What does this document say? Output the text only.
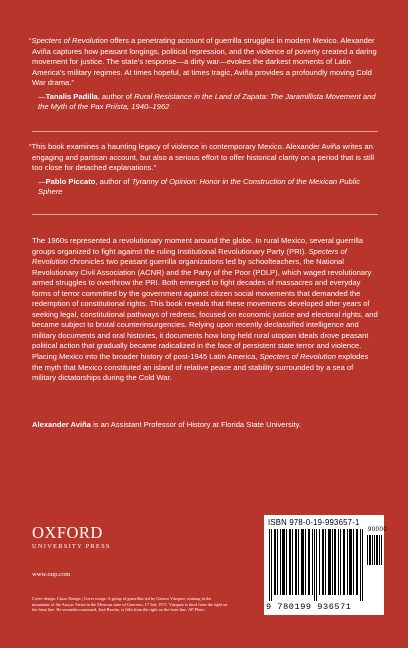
“Specters of Revolution offers a penetrating account of guerrilla struggles in modern Mexico. Alexander Aviña captures how peasant longings, political repression, and the violence of poverty created a daring movement for justice. The state’s response—a dirty war—evokes the darkest moments of Latin America’s military regimes. At times hopeful, at times tragic, Aviña provides a profoundly moving Cold War drama.”

—Tanalis Padilla, author of Rural Resistance in the Land of Zapata: The Jaramillista Movement and the Myth of the Pax Priísta, 1940–1962

“This book examines a haunting legacy of violence in contemporary Mexico. Alexander Aviña writes an engaging and partisan account, but also a serious effort to offer historical clarity on a period that is still too close for detached explanations.”

—Pablo Piccato, author of Tyranny of Opinion: Honor in the Construction of the Mexican Public Sphere

The 1960s represented a revolutionary moment around the globe. In rural Mexico, several guerrilla groups organized to fight against the ruling Institutional Revolutionary Party (PRI). Specters of Revolution chronicles two peasant guerrilla organizations led by schoolteachers, the National Revolutionary Civil Association (ACNR) and the Party of the Poor (PDLP), which waged revolutionary armed struggles to overthrow the PRI. Both emerged to fight decades of massacres and everyday forms of terror committed by the government against citizen social movements that demanded the redemption of constitutional rights. This book reveals that these movements developed after years of seeking legal, constitutional pathways of redress, focused on economic justice and electoral rights, and became subject to brutal counterinsurgencies. Relying upon recently declassified intelligence and military documents and oral histories, it documents how long-held rural utopian ideals drove peasant political action that gradually became radicalized in the face of persistent state terror and violence. Placing Mexico into the broader history of post-1945 Latin America, Specters of Revolution explodes the myth that Mexico constituted an island of relative peace and stability surrounded by a sea of military dictatorships during the Cold War.

Alexander Aviña is an Assistant Professor of History at Florida State University.

OXFORD
UNIVERSITY PRESS
www.oup.com

Cover design: Cinzo Design | Cover image: A group of guerrillas led by Genaro Vázquez, training in the mountains of the Atoyac Sierra in the Mexican state of Guerrero, 17 July 1971. Vázquez is third from the right on the front line. He secondin-command, José Bracho, is fifth from the right on the front line. AP Photo.

ISBN 978-0-19-993657-1
90000
9 780199 936571
